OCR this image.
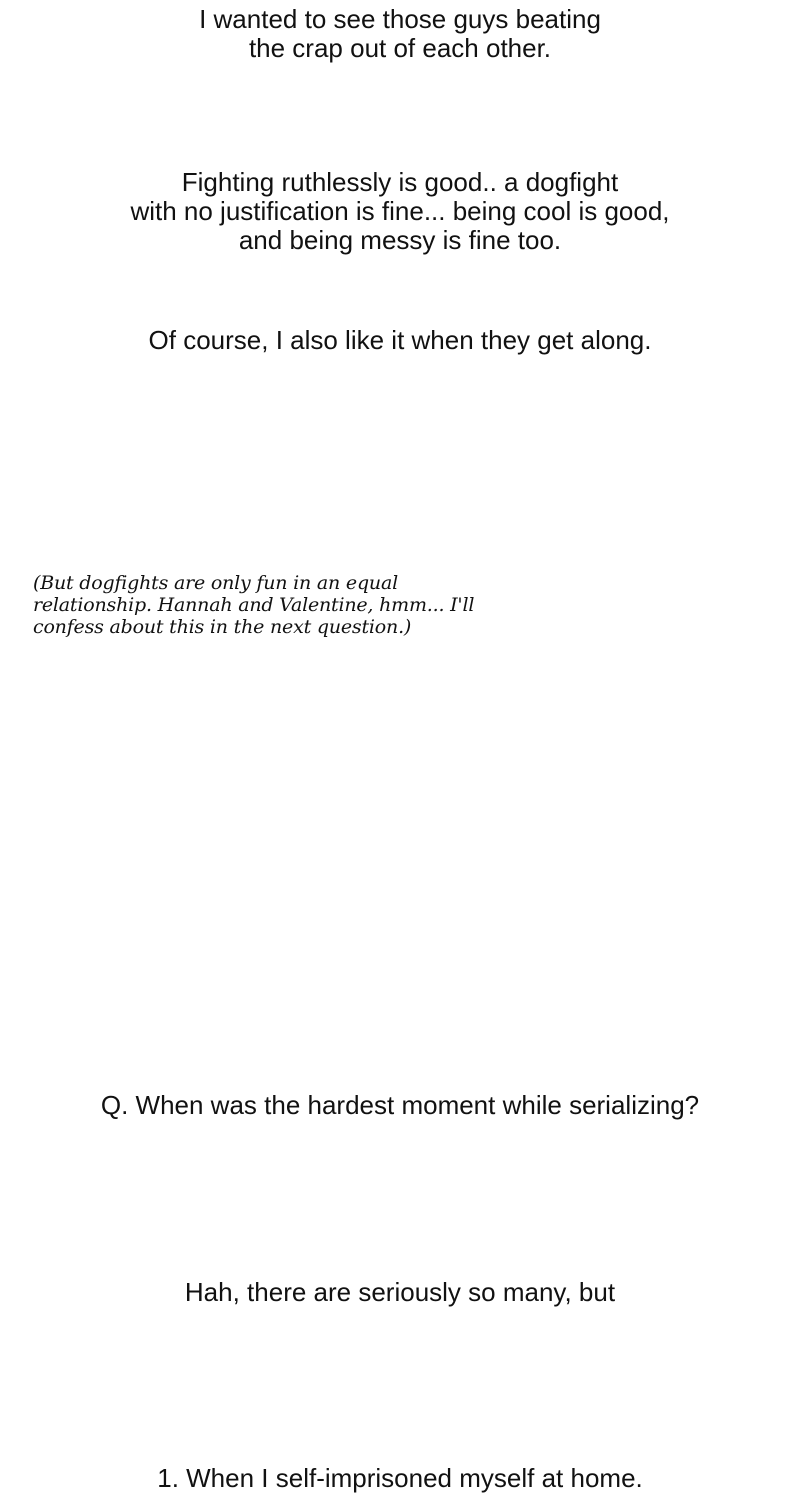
I wanted to see those guys beating
the crap out of each other.
Fighting ruthlessly is good.. a dogfight
with no justification is fine... being cool is good,
and being messy is fine too.
Of course, I also like it when they get along.
(But dogfights are only fun in an equal
relationship. Hannah and Valentine, hmm... I'll
confess about this in the next question.)
Q. When was the hardest moment while serializing?
Hah, there are seriously so many, but
1. When I self-imprisoned myself at home.
